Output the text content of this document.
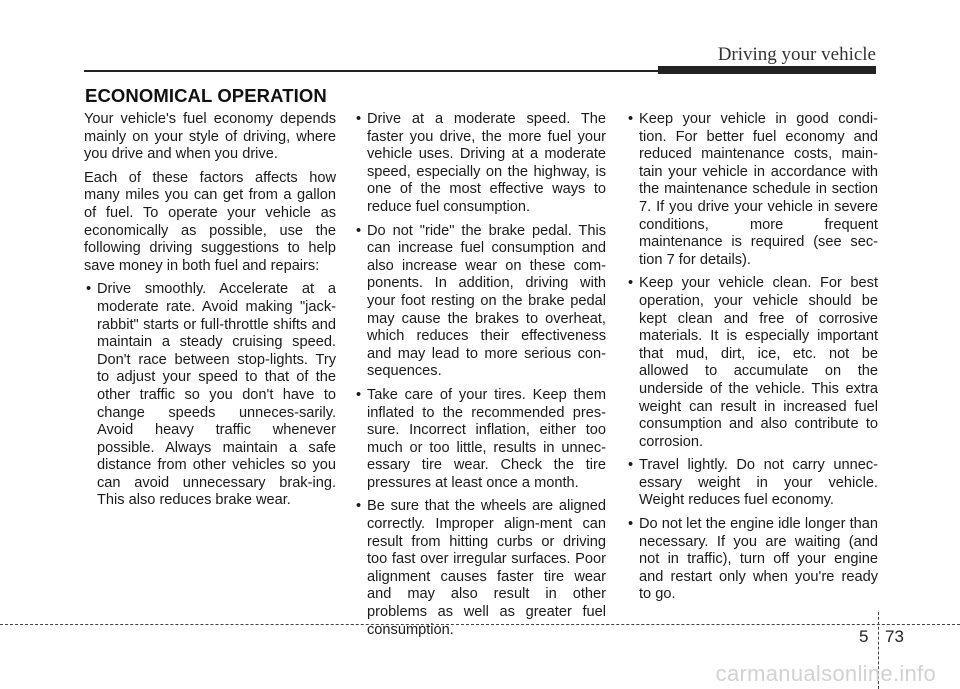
Driving your vehicle
ECONOMICAL OPERATION

Your vehicle's fuel economy depends mainly on your style of driving, where you drive and when you drive.

Each of these factors affects how many miles you can get from a gallon of fuel. To operate your vehicle as economically as possible, use the following driving suggestions to help save money in both fuel and repairs:

• Drive smoothly. Accelerate at a moderate rate. Avoid making "jack-rabbit" starts or full-throttle shifts and maintain a steady cruising speed. Don't race between stop-lights. Try to adjust your speed to that of the other traffic so you don't have to change speeds unneces-sarily. Avoid heavy traffic whenever possible. Always maintain a safe distance from other vehicles so you can avoid unnecessary brak-ing. This also reduces brake wear.
• Drive at a moderate speed. The faster you drive, the more fuel your vehicle uses. Driving at a moderate speed, especially on the highway, is one of the most effective ways to reduce fuel consumption.
• Do not "ride" the brake pedal. This can increase fuel consumption and also increase wear on these com-ponents. In addition, driving with your foot resting on the brake pedal may cause the brakes to overheat, which reduces their effectiveness and may lead to more serious con-sequences.
• Take care of your tires. Keep them inflated to the recommended pres-sure. Incorrect inflation, either too much or too little, results in unnec-essary tire wear. Check the tire pressures at least once a month.
• Be sure that the wheels are aligned correctly. Improper align-ment can result from hitting curbs or driving too fast over irregular surfaces. Poor alignment causes faster tire wear and may also result in other problems as well as greater fuel consumption.
• Keep your vehicle in good condi-tion. For better fuel economy and reduced maintenance costs, main-tain your vehicle in accordance with the maintenance schedule in section 7. If you drive your vehicle in severe conditions, more frequent maintenance is required (see sec-tion 7 for details).
• Keep your vehicle clean. For best operation, your vehicle should be kept clean and free of corrosive materials. It is especially important that mud, dirt, ice, etc. not be allowed to accumulate on the underside of the vehicle. This extra weight can result in increased fuel consumption and also contribute to corrosion.
• Travel lightly. Do not carry unnec-essary weight in your vehicle. Weight reduces fuel economy.
• Do not let the engine idle longer than necessary. If you are waiting (and not in traffic), turn off your engine and restart only when you're ready to go.
5 73
carmanualsonline.info
